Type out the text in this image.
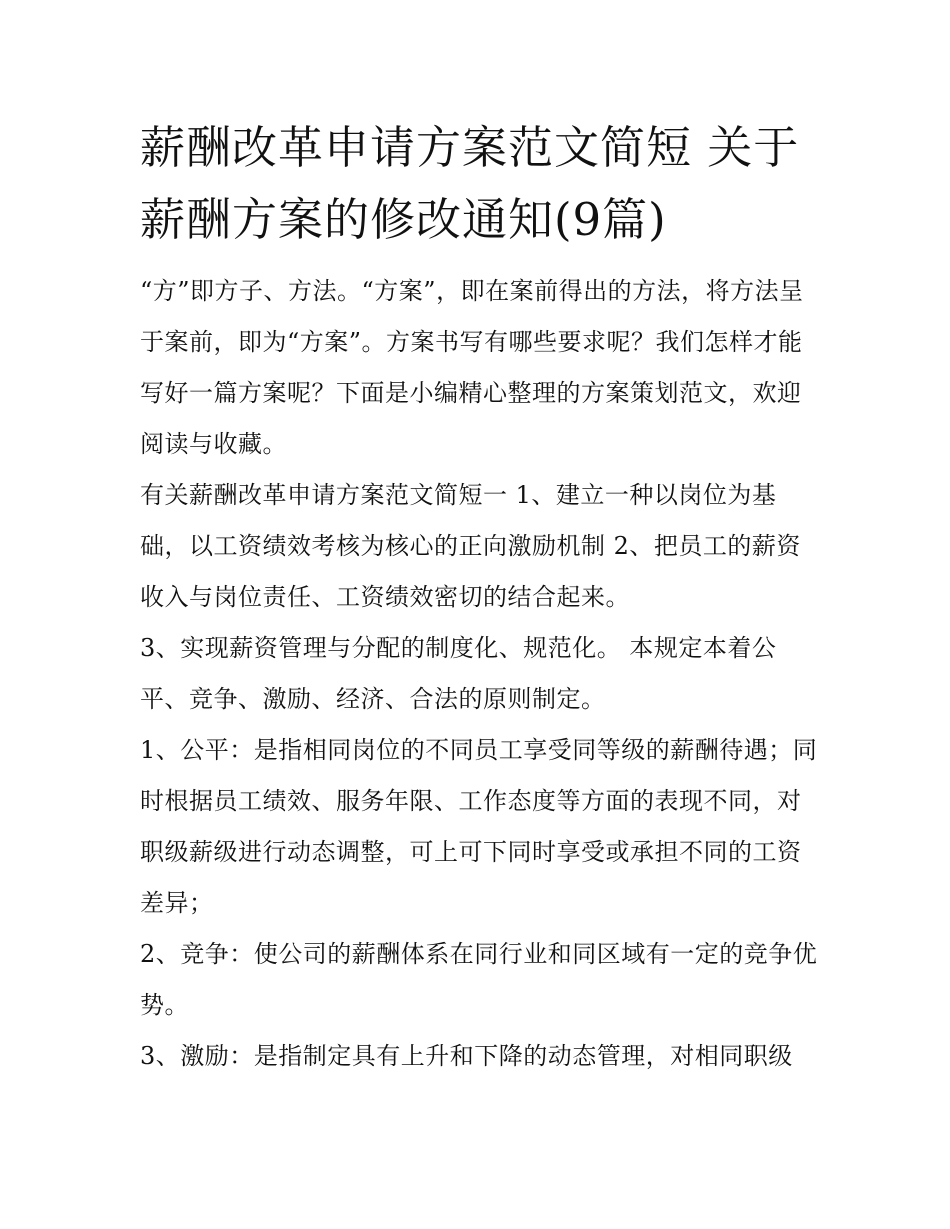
薪酬改革申请方案范文简短 关于薪酬方案的修改通知(9篇)

“方”即方子、方法。“方案”，即在案前得出的方法，将方法呈于案前，即为“方案”。方案书写有哪些要求呢？我们怎样才能写好一篇方案呢？下面是小编精心整理的方案策划范文，欢迎阅读与收藏。

有关薪酬改革申请方案范文简短一 1、建立一种以岗位为基础，以工资绩效考核为核心的正向激励机制 2、把员工的薪资收入与岗位责任、工资绩效密切的结合起来。

3、实现薪资管理与分配的制度化、规范化。 本规定本着公平、竞争、激励、经济、合法的原则制定。

1、公平：是指相同岗位的不同员工享受同等级的薪酬待遇；同时根据员工绩效、服务年限、工作态度等方面的表现不同，对职级薪级进行动态调整，可上可下同时享受或承担不同的工资差异；

2、竞争：使公司的薪酬体系在同行业和同区域有一定的竞争优势。

3、激励：是指制定具有上升和下降的动态管理，对相同职级
